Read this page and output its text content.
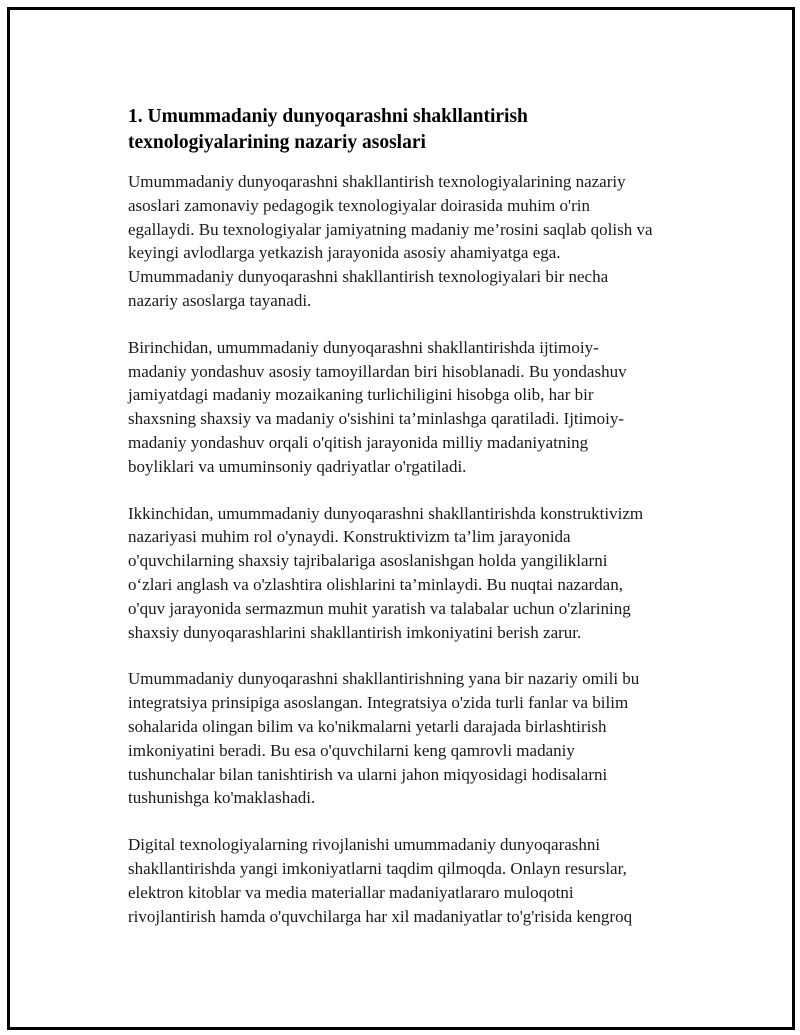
1. Umummadaniy dunyoqarashni shakllantirish
texnologiyalarining nazariy asoslari

Umummadaniy dunyoqarashni shakllantirish texnologiyalarining nazariy
asoslari zamonaviy pedagogik texnologiyalar doirasida muhim o'rin
egallaydi. Bu texnologiyalar jamiyatning madaniy me’rosini saqlab qolish va
keyingi avlodlarga yetkazish jarayonida asosiy ahamiyatga ega.
Umummadaniy dunyoqarashni shakllantirish texnologiyalari bir necha
nazariy asoslarga tayanadi.

Birinchidan, umummadaniy dunyoqarashni shakllantirishda ijtimoiy-
madaniy yondashuv asosiy tamoyillardan biri hisoblanadi. Bu yondashuv
jamiyatdagi madaniy mozaikaning turlichiligini hisobga olib, har bir
shaxsning shaxsiy va madaniy o'sishini ta’minlashga qaratiladi. Ijtimoiy-
madaniy yondashuv orqali o'qitish jarayonida milliy madaniyatning
boyliklari va umuminsoniy qadriyatlar o'rgatiladi.

Ikkinchidan, umummadaniy dunyoqarashni shakllantirishda konstruktivizm
nazariyasi muhim rol o'ynaydi. Konstruktivizm ta’lim jarayonida
o'quvchilarning shaxsiy tajribalariga asoslanishgan holda yangiliklarni
o‘zlari anglash va o'zlashtira olishlarini ta’minlaydi. Bu nuqtai nazardan,
o'quv jarayonida sermazmun muhit yaratish va talabalar uchun o'zlarining
shaxsiy dunyoqarashlarini shakllantirish imkoniyatini berish zarur.

Umummadaniy dunyoqarashni shakllantirishning yana bir nazariy omili bu
integratsiya prinsipiga asoslangan. Integratsiya o'zida turli fanlar va bilim
sohalarida olingan bilim va ko'nikmalarni yetarli darajada birlashtirish
imkoniyatini beradi. Bu esa o'quvchilarni keng qamrovli madaniy
tushunchalar bilan tanishtirish va ularni jahon miqyosidagi hodisalarni
tushunishga ko'maklashadi.

Digital texnologiyalarning rivojlanishi umummadaniy dunyoqarashni
shakllantirishda yangi imkoniyatlarni taqdim qilmoqda. Onlayn resurslar,
elektron kitoblar va media materiallar madaniyatlararo muloqotni
rivojlantirish hamda o'quvchilarga har xil madaniyatlar to'g'risida kengroq
